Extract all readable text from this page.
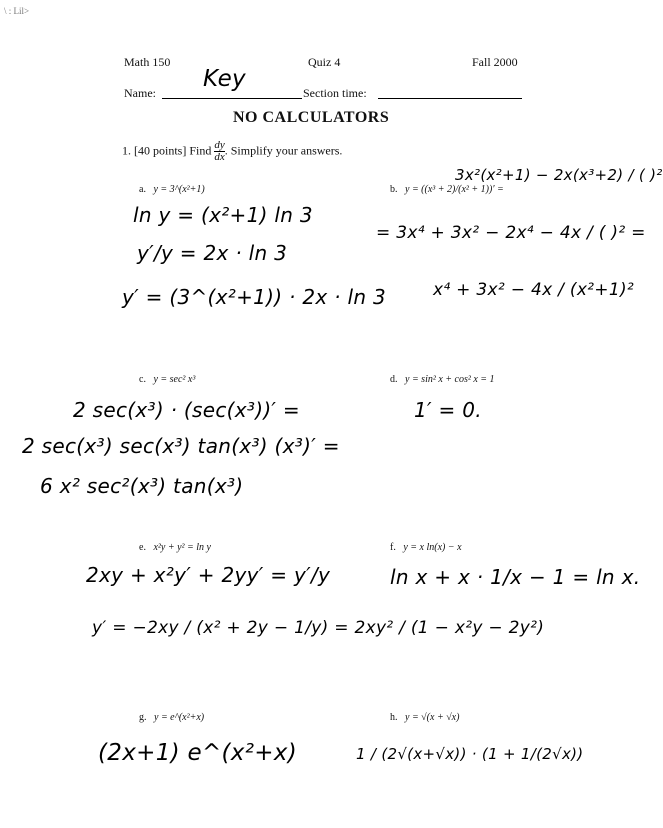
\ : Lil>
Math 150	Quiz 4	Fall 2000
Name:
Key
Section time:
NO CALCULATORS
1. [40 points] Find $\frac{dy}{dx}$ . Simplify your answers.
a. y = 3^(x²+1)
ln y = (x²+1) ln 3
y′/y = 2x · ln 3
y′ = (3^(x²+1)) · 2x · ln 3
b. y = ((x³ + 2)/(x² + 1))′ =
3x²(x²+1) − 2x(x³+2) / ( )²
= 3x⁴ + 3x² − 2x⁴ − 4x / ( )² =
x⁴ + 3x² − 4x / (x²+1)²
c. y = sec² x³
2 sec(x³) · (sec(x³))′ =
2 sec(x³) sec(x³) tan(x³) (x³)′ =
6 x² sec²(x³) tan(x³)
d. y = sin² x + cos² x = 1
1′ = 0.
e. x²y + y² = ln y
2xy + x²y′ + 2yy′ = y′/y
y′ = −2xy / (x² + 2y − 1/y) = 2xy² / (1 − x²y − 2y²)
f. y = x ln(x) − x
ln x + x · 1/x − 1 = ln x.
g. y = e^(x²+x)
(2x+1) e^(x²+x)
h. y = √(x + √x)
1 / (2√(x+√x)) · (1 + 1/(2√x))
